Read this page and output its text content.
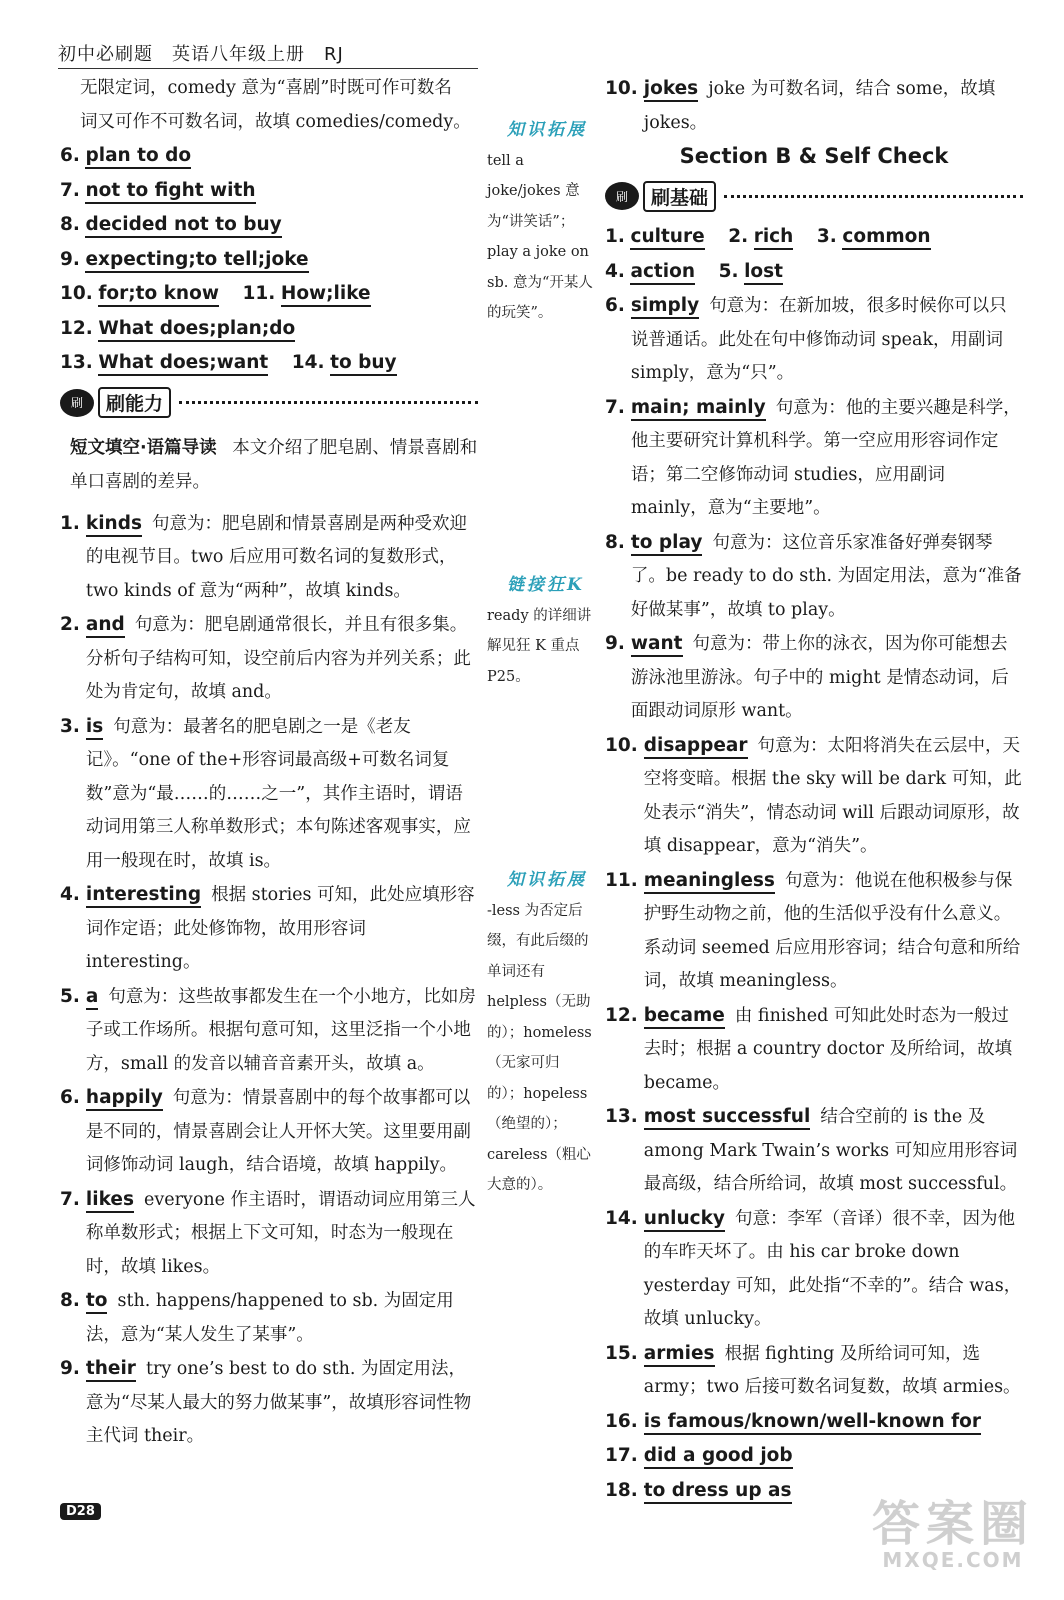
初中必刷题　英语八年级上册　RJ
无限定词，comedy 意为“喜剧”时既可作可数名
词又可作不可数名词，故填 comedies/comedy。
6. plan to do
7. not to fight with
8. decided not to buy
9. expecting;to tell;joke
10. for;to know 11. How;like
12. What does;plan;do
13. What does;want 14. to buy
刷	刷能力
短文填空·语篇导读 本文介绍了肥皂剧、情景喜剧和单口喜剧的差异。
1. kinds 句意为：肥皂剧和情景喜剧是两种受欢迎的电视节目。two 后应用可数名词的复数形式，two kinds of 意为“两种”，故填 kinds。
2. and 句意为：肥皂剧通常很长，并且有很多集。分析句子结构可知，设空前后内容为并列关系；此处为肯定句，故填 and。
3. is 句意为：最著名的肥皂剧之一是《老友记》。“one of the+形容词最高级+可数名词复数”意为“最……的……之一”，其作主语时，谓语动词用第三人称单数形式；本句陈述客观事实，应用一般现在时，故填 is。
4. interesting 根据 stories 可知，此处应填形容词作定语；此处修饰物，故用形容词 interesting。
5. a 句意为：这些故事都发生在一个小地方，比如房子或工作场所。根据句意可知，这里泛指一个小地方，small 的发音以辅音音素开头，故填 a。
6. happily 句意为：情景喜剧中的每个故事都可以是不同的，情景喜剧会让人开怀大笑。这里要用副词修饰动词 laugh，结合语境，故填 happily。
7. likes everyone 作主语时，谓语动词应用第三人称单数形式；根据上下文可知，时态为一般现在时，故填 likes。
8. to sth. happens/happened to sb. 为固定用法，意为“某人发生了某事”。
9. their try one’s best to do sth. 为固定用法，意为“尽某人最大的努力做某事”，故填形容词性物主代词 their。
知识拓展
tell a joke/jokes 意为“讲笑话”；play a joke on sb. 意为“开某人的玩笑”。
链接狂K
ready 的详细讲解见狂 K 重点 P25。
知识拓展
-less 为否定后缀，有此后缀的单词还有 helpless（无助的）；homeless（无家可归的）；hopeless（绝望的）；careless（粗心大意的）。
10. jokes joke 为可数名词，结合 some，故填 jokes。
Section B & Self Check
刷	刷基础
1. culture 2. rich 3. common
4. action 5. lost
6. simply 句意为：在新加坡，很多时候你可以只说普通话。此处在句中修饰动词 speak，用副词 simply，意为“只”。
7. main; mainly 句意为：他的主要兴趣是科学，他主要研究计算机科学。第一空应用形容词作定语；第二空修饰动词 studies，应用副词 mainly，意为“主要地”。
8. to play 句意为：这位音乐家准备好弹奏钢琴了。be ready to do sth. 为固定用法，意为“准备好做某事”，故填 to play。
9. want 句意为：带上你的泳衣，因为你可能想去游泳池里游泳。句子中的 might 是情态动词，后面跟动词原形 want。
10. disappear 句意为：太阳将消失在云层中，天空将变暗。根据 the sky will be dark 可知，此处表示“消失”，情态动词 will 后跟动词原形，故填 disappear，意为“消失”。
11. meaningless 句意为：他说在他积极参与保护野生动物之前，他的生活似乎没有什么意义。系动词 seemed 后应用形容词；结合句意和所给词，故填 meaningless。
12. became 由 finished 可知此处时态为一般过去时；根据 a country doctor 及所给词，故填 became。
13. most successful 结合空前的 is the 及 among Mark Twain’s works 可知应用形容词最高级，结合所给词，故填 most successful。
14. unlucky 句意：李军（音译）很不幸，因为他的车昨天坏了。由 his car broke down yesterday 可知，此处指“不幸的”。结合 was，故填 unlucky。
15. armies 根据 fighting 及所给词可知，选 army；two 后接可数名词复数，故填 armies。
16. is famous/known/well-known for
17. did a good job
18. to dress up as
D28	答案圈
MXQE.COM
